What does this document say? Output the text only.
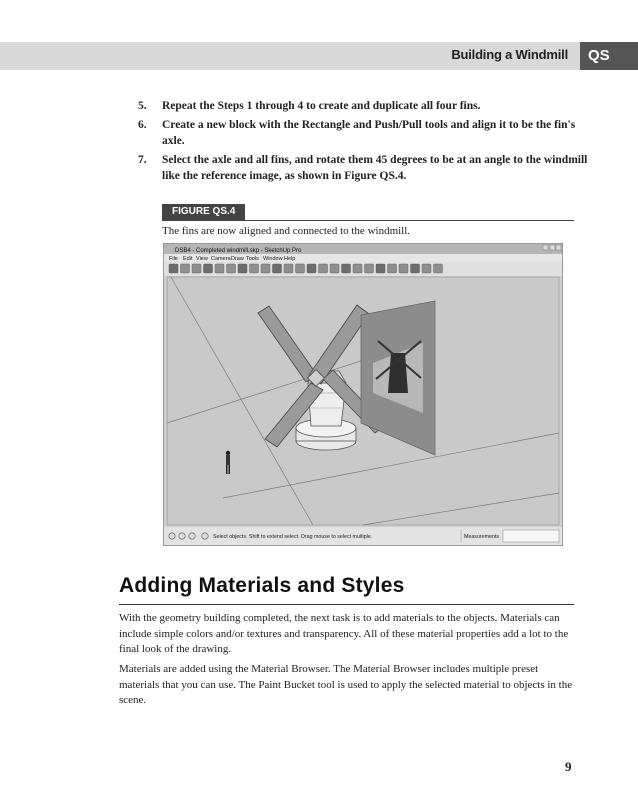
Building a Windmill	QS
5. Repeat the Steps 1 through 4 to create and duplicate all four fins.
6. Create a new block with the Rectangle and Push/Pull tools and align it to be the fin's axle.
7. Select the axle and all fins, and rotate them 45 degrees to be at an angle to the windmill like the reference image, as shown in Figure QS.4.
FIGURE QS.4
The fins are now aligned and connected to the windmill.
DSB4 - Completed windmill.skp - SketchUp Pro
File Edit View Camera Draw Tools Window Help
Select objects. Shift to extend select. Drag mouse to select multiple.	Measurements
Adding Materials and Styles

With the geometry building completed, the next task is to add materials to the objects. Materials can include simple colors and/or textures and transparency. All of these material properties add a lot to the final look of the drawing.

Materials are added using the Material Browser. The Material Browser includes multiple preset materials that you can use. The Paint Bucket tool is used to apply the selected material to objects in the scene.

9
